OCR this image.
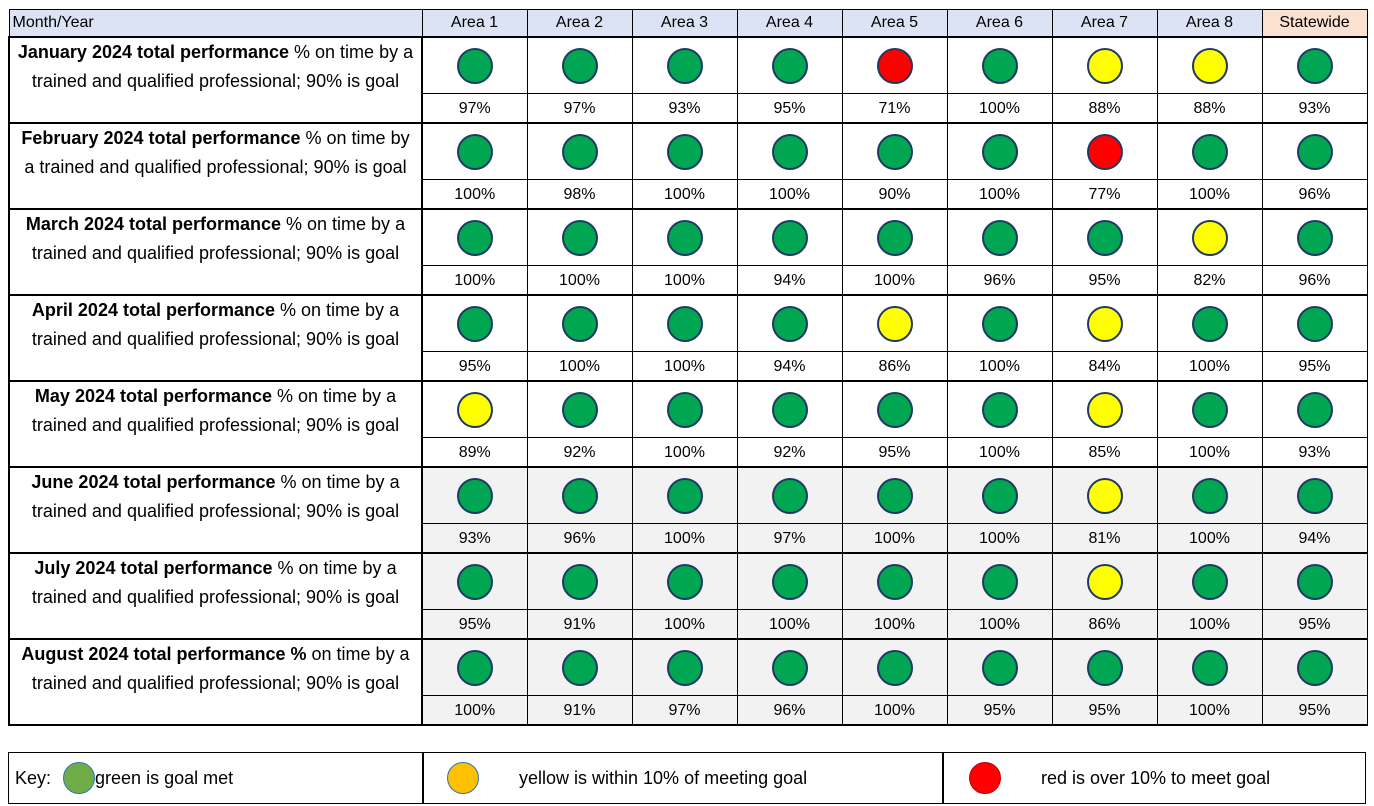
Month/Year	Area 1	Area 2	Area 3	Area 4	Area 5	Area 6	Area 7	Area 8	Statewide
January 2024 total performance % on time by a trained and qualified professional; 90% is goal									
	97%	97%	93%	95%	71%	100%	88%	88%	93%
February 2024 total performance % on time by a trained and qualified professional; 90% is goal									
	100%	98%	100%	100%	90%	100%	77%	100%	96%
March 2024 total performance % on time by a trained and qualified professional; 90% is goal									
	100%	100%	100%	94%	100%	96%	95%	82%	96%
April 2024 total performance % on time by a trained and qualified professional; 90% is goal									
	95%	100%	100%	94%	86%	100%	84%	100%	95%
May 2024 total performance % on time by a trained and qualified professional; 90% is goal									
	89%	92%	100%	92%	95%	100%	85%	100%	93%
June 2024 total performance % on time by a trained and qualified professional; 90% is goal									
	93%	96%	100%	97%	100%	100%	81%	100%	94%
July 2024 total performance % on time by a trained and qualified professional; 90% is goal									
	95%	91%	100%	100%	100%	100%	86%	100%	95%
August 2024 total performance % on time by a trained and qualified professional; 90% is goal									
	100%	91%	97%	96%	100%	95%	95%	100%	95%
Key: green is goal met	yellow is within 10% of meeting goal	red is over 10% to meet goal
